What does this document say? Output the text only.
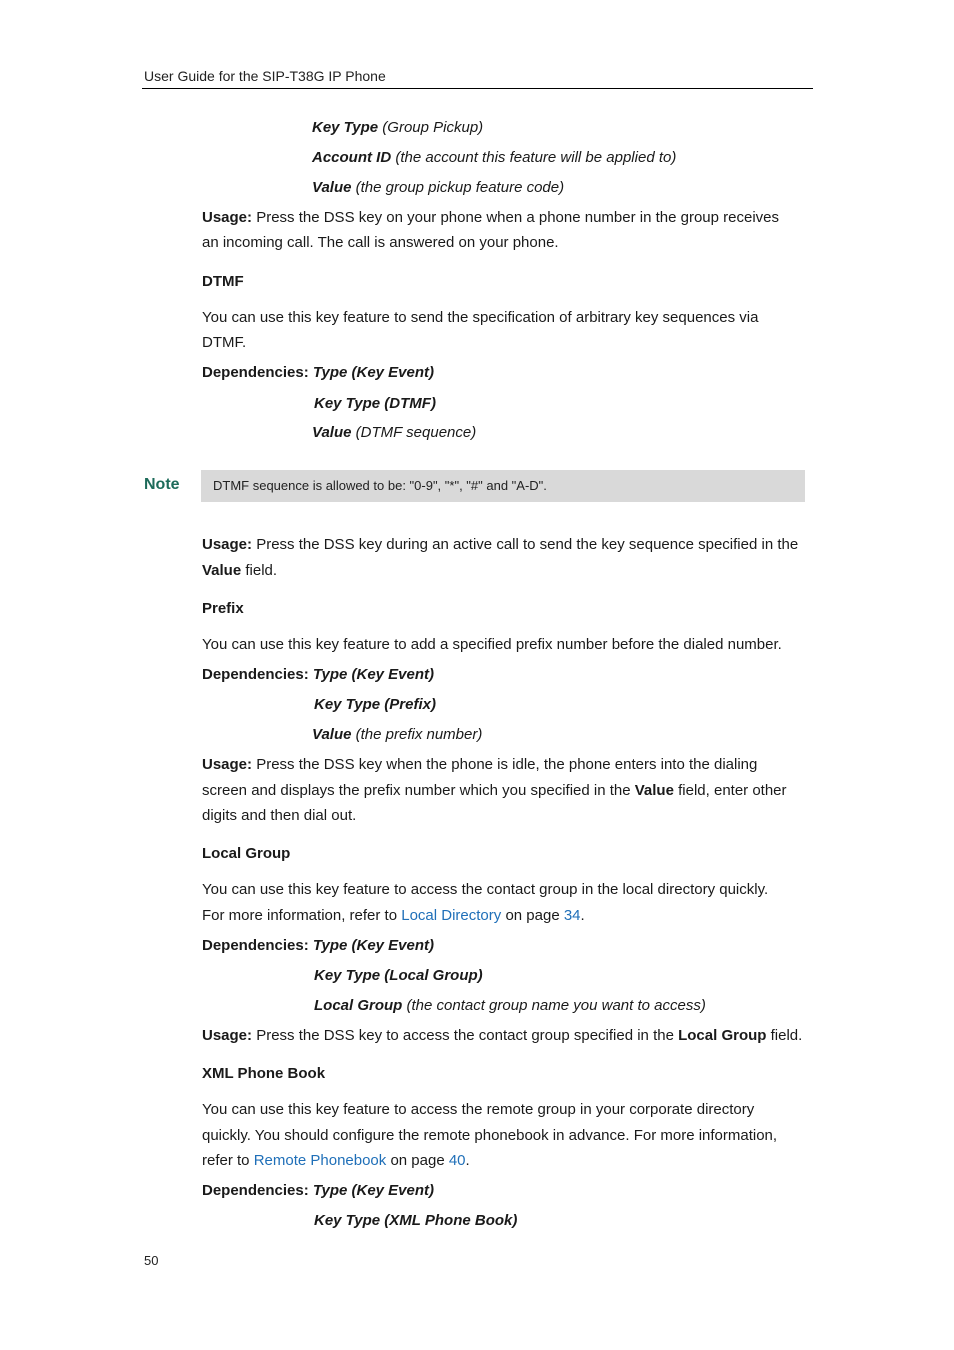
User Guide for the SIP-T38G IP Phone
Key Type (Group Pickup)
Account ID (the account this feature will be applied to)
Value (the group pickup feature code)
Usage: Press the DSS key on your phone when a phone number in the group receives
an incoming call. The call is answered on your phone.
DTMF
You can use this key feature to send the specification of arbitrary key sequences via
DTMF.
Dependencies: Type (Key Event)
Key Type (DTMF)
Value (DTMF sequence)
Note	DTMF sequence is allowed to be: "0-9", "*", "#" and "A-D".
Usage: Press the DSS key during an active call to send the key sequence specified in the
Value field.
Prefix
You can use this key feature to add a specified prefix number before the dialed number.
Dependencies: Type (Key Event)
Key Type (Prefix)
Value (the prefix number)
Usage: Press the DSS key when the phone is idle, the phone enters into the dialing
screen and displays the prefix number which you specified in the Value field, enter other
digits and then dial out.
Local Group
You can use this key feature to access the contact group in the local directory quickly.
For more information, refer to Local Directory on page 34.
Dependencies: Type (Key Event)
Key Type (Local Group)
Local Group (the contact group name you want to access)
Usage: Press the DSS key to access the contact group specified in the Local Group field.
XML Phone Book
You can use this key feature to access the remote group in your corporate directory
quickly. You should configure the remote phonebook in advance. For more information,
refer to Remote Phonebook on page 40.
Dependencies: Type (Key Event)
Key Type (XML Phone Book)
50
